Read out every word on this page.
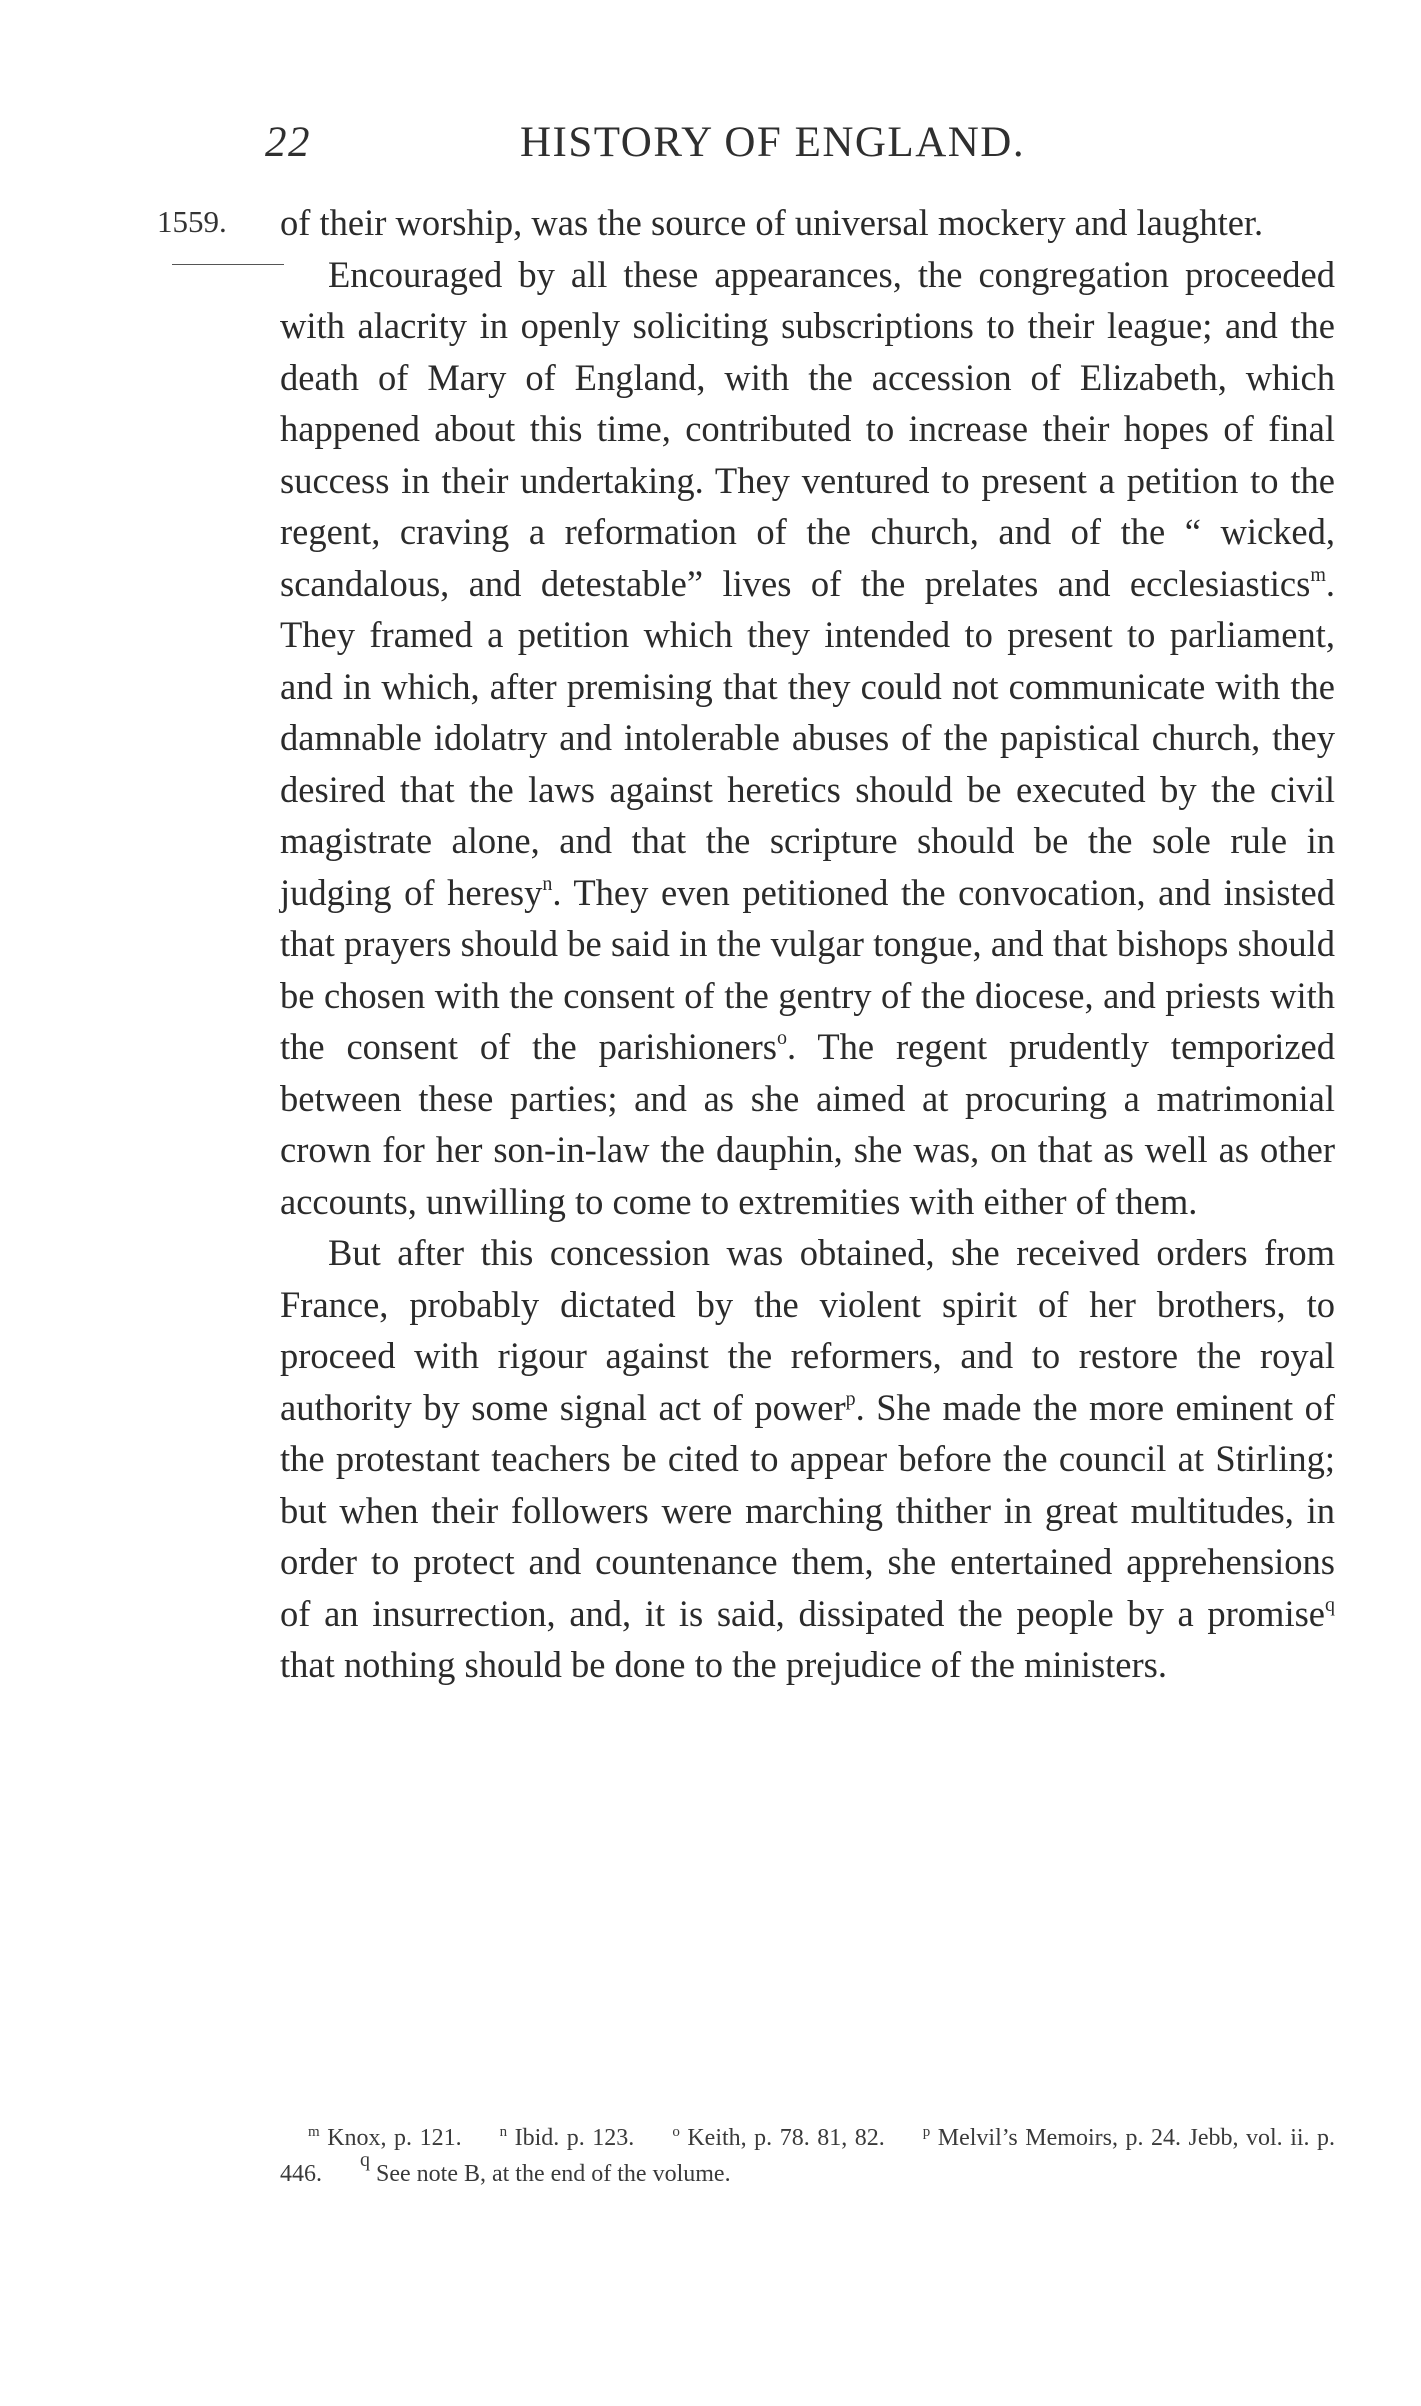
22	HISTORY OF ENGLAND.
1559. of their worship, was the source of universal mockery and laughter.

Encouraged by all these appearances, the congregation proceeded with alacrity in openly soliciting subscriptions to their league; and the death of Mary of England, with the accession of Elizabeth, which happened about this time, contributed to increase their hopes of final success in their undertaking. They ventured to present a petition to the regent, craving a reformation of the church, and of the “ wicked, scandalous, and detestable” lives of the prelates and ecclesiastics$^m$. They framed a petition which they intended to present to parliament, and in which, after premising that they could not communicate with the damnable idolatry and intolerable abuses of the papistical church, they desired that the laws against heretics should be executed by the civil magistrate alone, and that the scripture should be the sole rule in judging of heresy$^n$. They even petitioned the convocation, and insisted that prayers should be said in the vulgar tongue, and that bishops should be chosen with the consent of the gentry of the diocese, and priests with the consent of the parishioners$^o$. The regent prudently temporized between these parties; and as she aimed at procuring a matrimonial crown for her son-in-law the dauphin, she was, on that as well as other accounts, unwilling to come to extremities with either of them.

But after this concession was obtained, she received orders from France, probably dictated by the violent spirit of her brothers, to proceed with rigour against the reformers, and to restore the royal authority by some signal act of power$^p$. She made the more eminent of the protestant teachers be cited to appear before the council at Stirling; but when their followers were marching thither in great multitudes, in order to protect and countenance them, she entertained apprehensions of an insurrection, and, it is said, dissipated the people by a promise$^q$ that nothing should be done to the prejudice of the ministers.

$^m$ Knox, p. 121.	$^n$ Ibid. p. 123.	$^o$ Keith, p. 78. 81, 82.	$^p$ Melvil’s Memoirs, p. 24. Jebb, vol. ii. p. 446.$^q$ See note B, at the end of the volume.
